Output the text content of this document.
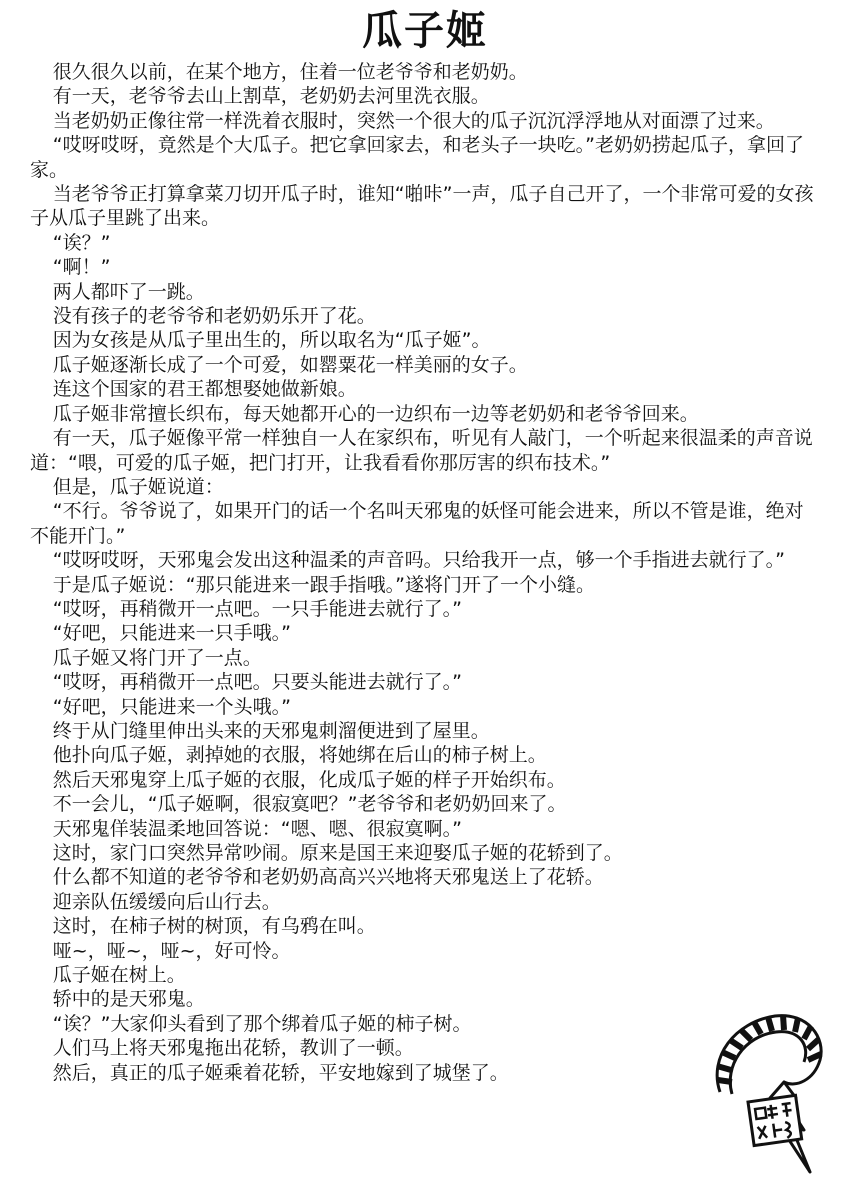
瓜子姬

很久很久以前，在某个地方，住着一位老爷爷和老奶奶。

有一天，老爷爷去山上割草，老奶奶去河里洗衣服。

当老奶奶正像往常一样洗着衣服时，突然一个很大的瓜子沉沉浮浮地从对面漂了过来。

“哎呀哎呀，竟然是个大瓜子。把它拿回家去，和老头子一块吃。”老奶奶捞起瓜子，拿回了家。

当老爷爷正打算拿菜刀切开瓜子时，谁知“啪咔”一声，瓜子自己开了，一个非常可爱的女孩子从瓜子里跳了出来。

“诶？”

“啊！”

两人都吓了一跳。

没有孩子的老爷爷和老奶奶乐开了花。

因为女孩是从瓜子里出生的，所以取名为“瓜子姬”。

瓜子姬逐渐长成了一个可爱，如罂粟花一样美丽的女子。

连这个国家的君王都想娶她做新娘。

瓜子姬非常擅长织布，每天她都开心的一边织布一边等老奶奶和老爷爷回来。

有一天，瓜子姬像平常一样独自一人在家织布，听见有人敲门，一个听起来很温柔的声音说道：“喂，可爱的瓜子姬，把门打开，让我看看你那厉害的织布技术。”

但是，瓜子姬说道：

“不行。爷爷说了，如果开门的话一个名叫天邪鬼的妖怪可能会进来，所以不管是谁，绝对不能开门。”

“哎呀哎呀，天邪鬼会发出这种温柔的声音吗。只给我开一点，够一个手指进去就行了。”

于是瓜子姬说：“那只能进来一跟手指哦。”遂将门开了一个小缝。

“哎呀，再稍微开一点吧。一只手能进去就行了。”

“好吧，只能进来一只手哦。”

瓜子姬又将门开了一点。

“哎呀，再稍微开一点吧。只要头能进去就行了。”

“好吧，只能进来一个头哦。”

终于从门缝里伸出头来的天邪鬼刺溜便进到了屋里。

他扑向瓜子姬，剥掉她的衣服，将她绑在后山的柿子树上。

然后天邪鬼穿上瓜子姬的衣服，化成瓜子姬的样子开始织布。

不一会儿，“瓜子姬啊，很寂寞吧？”老爷爷和老奶奶回来了。

天邪鬼佯装温柔地回答说：“嗯、嗯、很寂寞啊。”

这时，家门口突然异常吵闹。原来是国王来迎娶瓜子姬的花轿到了。

什么都不知道的老爷爷和老奶奶高高兴兴地将天邪鬼送上了花轿。

迎亲队伍缓缓向后山行去。

这时，在柿子树的树顶，有乌鸦在叫。

哑~，哑~，哑~，好可怜。

瓜子姬在树上。

轿中的是天邪鬼。

“诶？”大家仰头看到了那个绑着瓜子姬的柿子树。

人们马上将天邪鬼拖出花轿，教训了一顿。

然后，真正的瓜子姬乘着花轿，平安地嫁到了城堡了。
